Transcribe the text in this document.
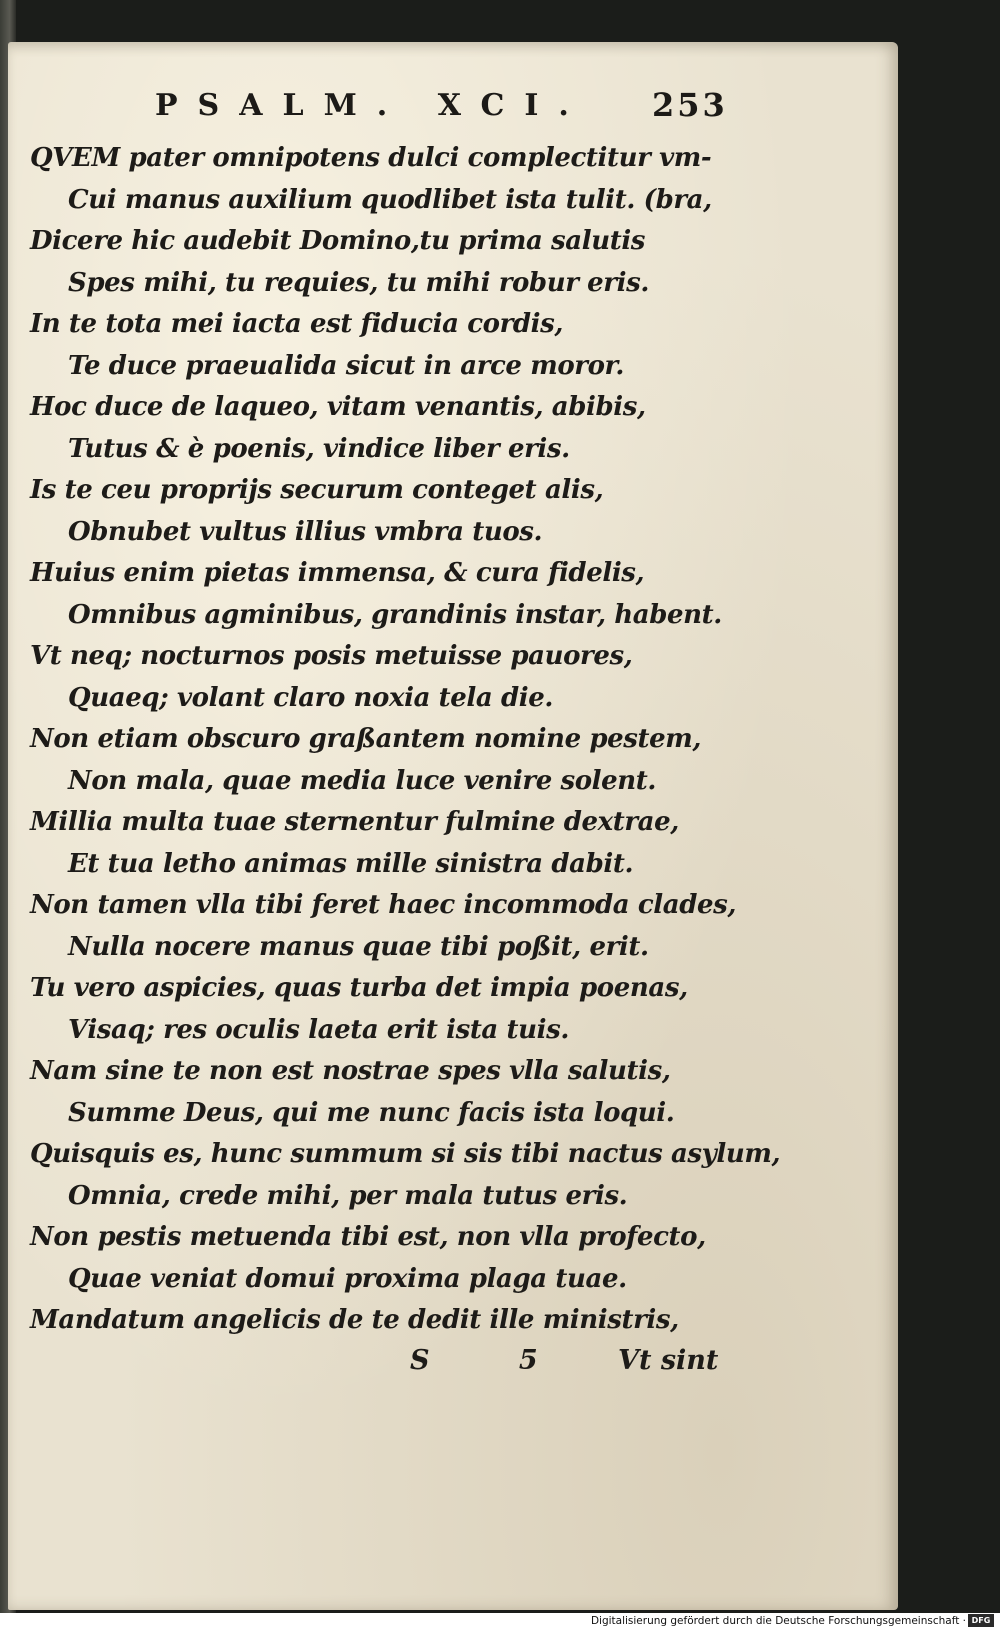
PSALM. XCI.	253
QVEM pater omnipotens dulci complectitur vm-
Cui manus auxilium quodlibet ista tulit. (bra,
Dicere hic audebit Domino,tu prima salutis
Spes mihi, tu requies, tu mihi robur eris.
In te tota mei iacta est fiducia cordis,
Te duce praeualida sicut in arce moror.
Hoc duce de laqueo, vitam venantis, abibis,
Tutus & è poenis, vindice liber eris.
Is te ceu proprijs securum conteget alis,
Obnubet vultus illius vmbra tuos.
Huius enim pietas immensa, & cura fidelis,
Omnibus agminibus, grandinis instar, habent.
Vt neq; nocturnos posis metuisse pauores,
Quaeq; volant claro noxia tela die.
Non etiam obscuro graßantem nomine pestem,
Non mala, quae media luce venire solent.
Millia multa tuae sternentur fulmine dextrae,
Et tua letho animas mille sinistra dabit.
Non tamen vlla tibi feret haec incommoda clades,
Nulla nocere manus quae tibi poßit, erit.
Tu vero aspicies, quas turba det impia poenas,
Visaq; res oculis laeta erit ista tuis.
Nam sine te non est nostrae spes vlla salutis,
Summe Deus, qui me nunc facis ista loqui.
Quisquis es, hunc summum si sis tibi nactus asylum,
Omnia, crede mihi, per mala tutus eris.
Non pestis metuenda tibi est, non vlla profecto,
Quae veniat domui proxima plaga tuae.
Mandatum angelicis de te dedit ille ministris,
S 5 Vt sint
Digitalisierung gefördert durch die Deutsche Forschungsgemeinschaft · DFG
